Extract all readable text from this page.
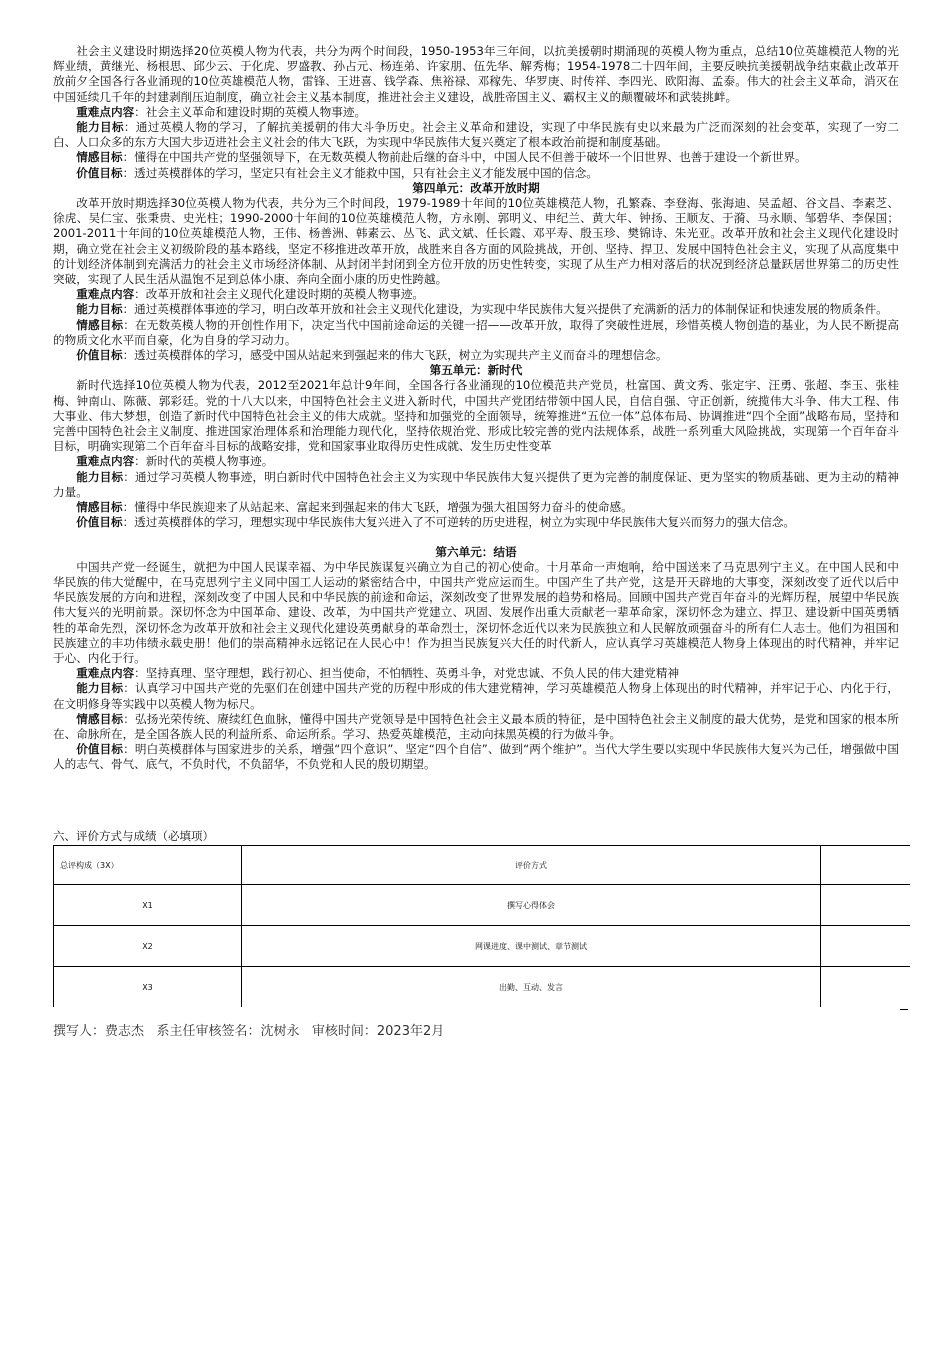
社会主义建设时期选择20位英模人物为代表，共分为两个时间段，1950-1953年三年间，以抗美援朝时期涌现的英模人物为重点，总结10位英雄模范人物的光辉业绩，黄继光、杨根思、邱少云、于化虎、罗盛教、孙占元、杨连弟、许家朋、伍先华、解秀梅；1954-1978二十四年间，主要反映抗美援朝战争结束截止改革开放前夕全国各行各业涌现的10位英雄模范人物，雷锋、王进喜、钱学森、焦裕禄、邓稼先、华罗庚、时传祥、李四光、欧阳海、孟泰。伟大的社会主义革命，消灭在中国延续几千年的封建剥削压迫制度，确立社会主义基本制度，推进社会主义建设，战胜帝国主义、霸权主义的颠覆破坏和武装挑衅。

重难点内容：社会主义革命和建设时期的英模人物事迹。

能力目标：通过英模人物的学习，了解抗美援朝的伟大斗争历史。社会主义革命和建设，实现了中华民族有史以来最为广泛而深刻的社会变革，实现了一穷二白、人口众多的东方大国大步迈进社会主义社会的伟大飞跃，为实现中华民族伟大复兴奠定了根本政治前提和制度基础。

情感目标：懂得在中国共产党的坚强领导下，在无数英模人物前赴后继的奋斗中，中国人民不但善于破坏一个旧世界、也善于建设一个新世界。

价值目标：透过英模群体的学习，坚定只有社会主义才能救中国，只有社会主义才能发展中国的信念。

第四单元：改革开放时期

改革开放时期选择30位英模人物为代表，共分为三个时间段，1979-1989十年间的10位英雄模范人物，孔繁森、李登海、张海迪、吴孟超、谷文昌、李素芝、徐虎、吴仁宝、张秉贵、史光柱；1990-2000十年间的10位英雄模范人物，方永刚、郭明义、申纪兰、黄大年、钟扬、王顺友、于漪、马永顺、邹碧华、李保国；2001-2011十年间的10位英雄模范人物，王伟、杨善洲、韩素云、丛飞、武文斌、任长霞、邓平寿、殷玉珍、樊锦诗、朱光亚。改革开放和社会主义现代化建设时期，确立党在社会主义初级阶段的基本路线，坚定不移推进改革开放，战胜来自各方面的风险挑战，开创、坚持、捍卫、发展中国特色社会主义，实现了从高度集中的计划经济体制到充满活力的社会主义市场经济体制、从封闭半封闭到全方位开放的历史性转变，实现了从生产力相对落后的状况到经济总量跃居世界第二的历史性突破，实现了人民生活从温饱不足到总体小康、奔向全面小康的历史性跨越。

重难点内容：改革开放和社会主义现代化建设时期的英模人物事迹。

能力目标：通过英模群体事迹的学习，明白改革开放和社会主义现代化建设，为实现中华民族伟大复兴提供了充满新的活力的体制保证和快速发展的物质条件。

情感目标：在无数英模人物的开创性作用下，决定当代中国前途命运的关键一招——改革开放，取得了突破性进展，珍惜英模人物创造的基业，为人民不断提高的物质文化水平而自豪，化为自身的学习动力。

价值目标：透过英模群体的学习，感受中国从站起来到强起来的伟大飞跃，树立为实现共产主义而奋斗的理想信念。

第五单元：新时代

新时代选择10位英模人物为代表，2012至2021年总计9年间，全国各行各业涌现的10位模范共产党员，杜富国、黄文秀、张定宇、汪勇、张超、李玉、张桂梅、钟南山、陈薇、郭彩廷。党的十八大以来，中国特色社会主义进入新时代，中国共产党团结带领中国人民，自信自强、守正创新，统揽伟大斗争、伟大工程、伟大事业、伟大梦想，创造了新时代中国特色社会主义的伟大成就。坚持和加强党的全面领导，统筹推进“五位一体”总体布局、协调推进“四个全面”战略布局，坚持和完善中国特色社会主义制度、推进国家治理体系和治理能力现代化，坚持依规治党、形成比较完善的党内法规体系，战胜一系列重大风险挑战，实现第一个百年奋斗目标，明确实现第二个百年奋斗目标的战略安排，党和国家事业取得历史性成就、发生历史性变革

重难点内容：新时代的英模人物事迹。

能力目标：通过学习英模人物事迹，明白新时代中国特色社会主义为实现中华民族伟大复兴提供了更为完善的制度保证、更为坚实的物质基础、更为主动的精神力量。

情感目标：懂得中华民族迎来了从站起来、富起来到强起来的伟大飞跃，增强为强大祖国努力奋斗的使命感。

价值目标：透过英模群体的学习，理想实现中华民族伟大复兴进入了不可逆转的历史进程，树立为实现中华民族伟大复兴而努力的强大信念。

第六单元：结语

中国共产党一经诞生，就把为中国人民谋幸福、为中华民族谋复兴确立为自己的初心使命。十月革命一声炮响，给中国送来了马克思列宁主义。在中国人民和中华民族的伟大觉醒中，在马克思列宁主义同中国工人运动的紧密结合中，中国共产党应运而生。中国产生了共产党，这是开天辟地的大事变，深刻改变了近代以后中华民族发展的方向和进程，深刻改变了中国人民和中华民族的前途和命运，深刻改变了世界发展的趋势和格局。回顾中国共产党百年奋斗的光辉历程，展望中华民族伟大复兴的光明前景。深切怀念为中国革命、建设、改革，为中国共产党建立、巩固、发展作出重大贡献老一辈革命家，深切怀念为建立、捍卫、建设新中国英勇牺牲的革命先烈，深切怀念为改革开放和社会主义现代化建设英勇献身的革命烈士，深切怀念近代以来为民族独立和人民解放顽强奋斗的所有仁人志士。他们为祖国和民族建立的丰功伟绩永载史册！他们的崇高精神永远铭记在人民心中！作为担当民族复兴大任的时代新人，应认真学习英雄模范人物身上体现出的时代精神，并牢记于心、内化于行。

重难点内容：坚持真理、坚守理想，践行初心、担当使命，不怕牺牲、英勇斗争，对党忠诚、不负人民的伟大建党精神

能力目标：认真学习中国共产党的先驱们在创建中国共产党的历程中形成的伟大建党精神，学习英雄模范人物身上体现出的时代精神，并牢记于心、内化于行，在文明修身等实践中以英模人物为标尺。

情感目标：弘扬光荣传统、赓续红色血脉，懂得中国共产党领导是中国特色社会主义最本质的特征，是中国特色社会主义制度的最大优势，是党和国家的根本所在、命脉所在，是全国各族人民的利益所系、命运所系。学习、热爱英雄模范，主动向抹黑英模的行为做斗争。

价值目标：明白英模群体与国家进步的关系，增强“四个意识”、坚定“四个自信”、做到“两个维护”。当代大学生要以实现中华民族伟大复兴为己任，增强做中国人的志气、骨气、底气，不负时代，不负韶华，不负党和人民的殷切期望。

六、评价方式与成绩（必填项）
总评构成（3X）	评价方式	
X1	撰写心得体会	
X2	网课进度、课中测试、章节测试	
X3	出勤、互动、发言	
撰写人：费志杰 系主任审核签名：沈树永 审核时间：2023年2月
